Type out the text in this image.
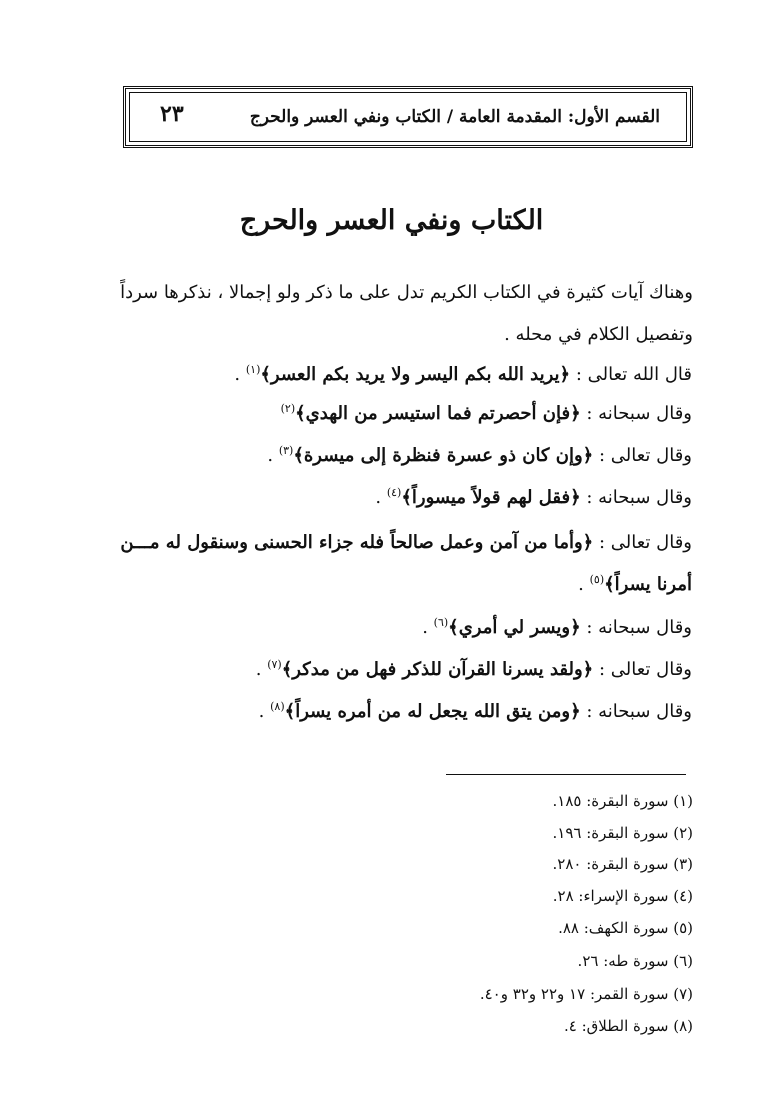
القسم الأول: المقدمة العامة / الكتاب ونفي العسر والحرج
٢٣
الكتاب ونفي العسر والحرج
وهناك آيات كثيرة في الكتاب الكريم تدل على ما ذكر ولو إجمالا ، نذكرها سرداً
وتفصيل الكلام في محله .
قال الله تعالى : ﴿يريد الله بكم اليسر ولا يريد بكم العسر﴾$^{(١)}$ .
وقال سبحانه : ﴿فإن أحصرتم فما استيسر من الهدي﴾$^{(٢)}$
وقال تعالى : ﴿وإن كان ذو عسرة فنظرة إلى ميسرة﴾$^{(٣)}$ .
وقال سبحانه : ﴿فقل لهم قولاً ميسوراً﴾$^{(٤)}$ .
وقال تعالى : ﴿وأما من آمن وعمل صالحاً فله جزاء الحسنى وسنقول له مـــن
أمرنا يسراً﴾$^{(٥)}$ .
وقال سبحانه : ﴿ويسر لي أمري﴾$^{(٦)}$ .
وقال تعالى : ﴿ولقد يسرنا القرآن للذكر فهل من مدكر﴾$^{(٧)}$ .
وقال سبحانه : ﴿ومن يتق الله يجعل له من أمره يسراً﴾$^{(٨)}$ .
(١) سورة البقرة: ١٨٥.
(٢) سورة البقرة: ١٩٦.
(٣) سورة البقرة: ٢٨٠.
(٤) سورة الإسراء: ٢٨.
(٥) سورة الكهف: ٨٨.
(٦) سورة طه: ٢٦.
(٧) سورة القمر: ١٧ و٢٢ و٣٢ و٤٠.
(٨) سورة الطلاق: ٤.
